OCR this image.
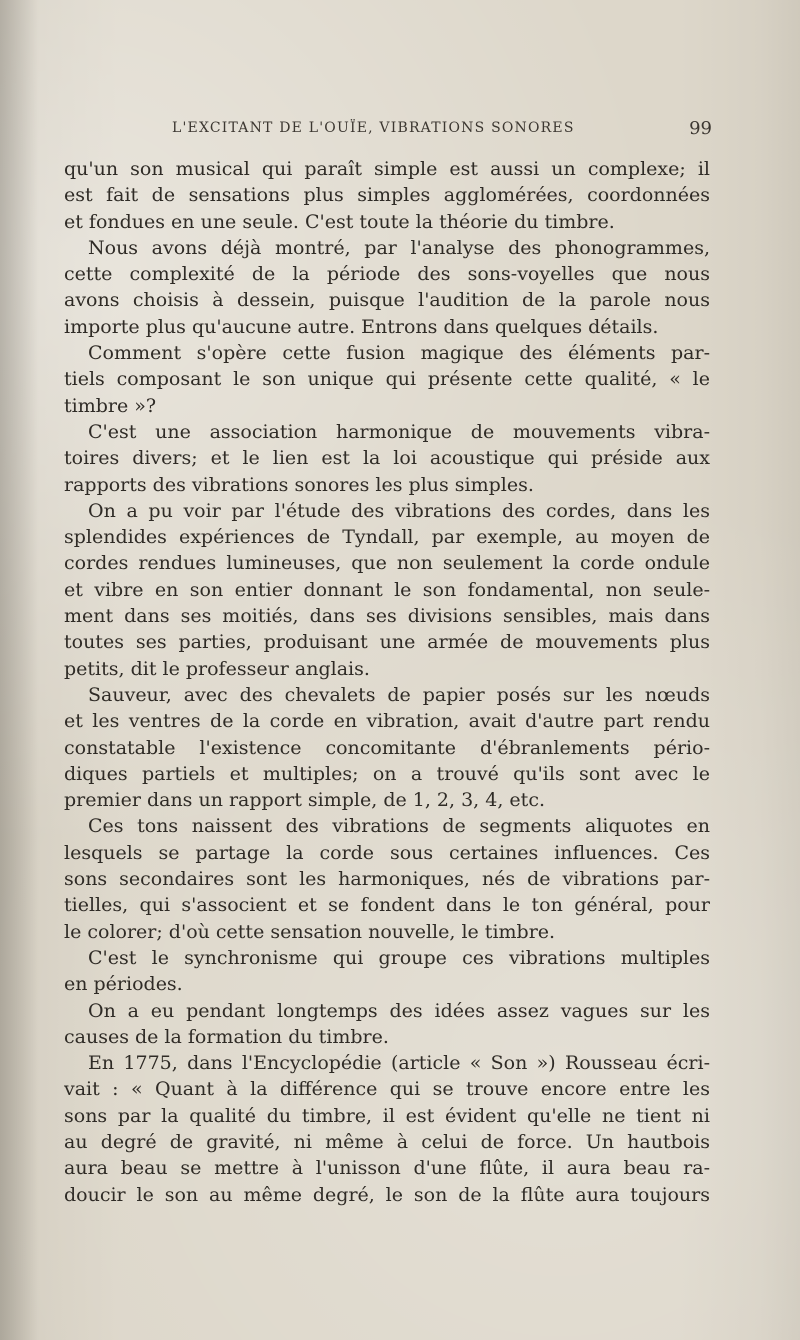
L'EXCITANT DE L'OUÏE, VIBRATIONS SONORES	99
qu'un son musical qui paraît simple est aussi un complexe; il
est fait de sensations plus simples agglomérées, coordonnées
et fondues en une seule. C'est toute la théorie du timbre.
Nous avons déjà montré, par l'analyse des phonogrammes,
cette complexité de la période des sons-voyelles que nous
avons choisis à dessein, puisque l'audition de la parole nous
importe plus qu'aucune autre. Entrons dans quelques détails.
Comment s'opère cette fusion magique des éléments par-
tiels composant le son unique qui présente cette qualité, « le
timbre »?
C'est une association harmonique de mouvements vibra-
toires divers; et le lien est la loi acoustique qui préside aux
rapports des vibrations sonores les plus simples.
On a pu voir par l'étude des vibrations des cordes, dans les
splendides expériences de Tyndall, par exemple, au moyen de
cordes rendues lumineuses, que non seulement la corde ondule
et vibre en son entier donnant le son fondamental, non seule-
ment dans ses moitiés, dans ses divisions sensibles, mais dans
toutes ses parties, produisant une armée de mouvements plus
petits, dit le professeur anglais.
Sauveur, avec des chevalets de papier posés sur les nœuds
et les ventres de la corde en vibration, avait d'autre part rendu
constatable l'existence concomitante d'ébranlements pério-
diques partiels et multiples; on a trouvé qu'ils sont avec le
premier dans un rapport simple, de 1, 2, 3, 4, etc.
Ces tons naissent des vibrations de segments aliquotes en
lesquels se partage la corde sous certaines influences. Ces
sons secondaires sont les harmoniques, nés de vibrations par-
tielles, qui s'associent et se fondent dans le ton général, pour
le colorer; d'où cette sensation nouvelle, le timbre.
C'est le synchronisme qui groupe ces vibrations multiples
en périodes.
On a eu pendant longtemps des idées assez vagues sur les
causes de la formation du timbre.
En 1775, dans l'Encyclopédie (article « Son ») Rousseau écri-
vait : « Quant à la différence qui se trouve encore entre les
sons par la qualité du timbre, il est évident qu'elle ne tient ni
au degré de gravité, ni même à celui de force. Un hautbois
aura beau se mettre à l'unisson d'une flûte, il aura beau ra-
doucir le son au même degré, le son de la flûte aura toujours
